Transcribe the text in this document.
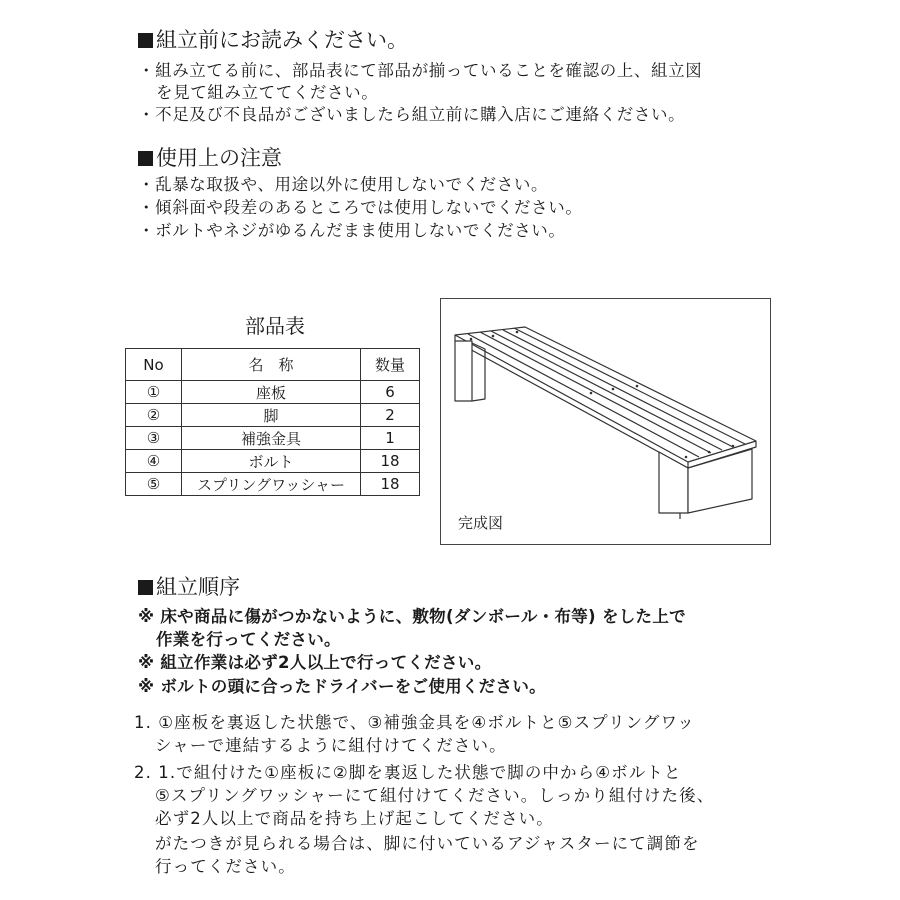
組立前にお読みください。
・組み立てる前に、部品表にて部品が揃っていることを確認の上、組立図
を見て組み立ててください。
・不足及び不良品がございましたら組立前に購入店にご連絡ください。
使用上の注意
・乱暴な取扱や、用途以外に使用しないでください。
・傾斜面や段差のあるところでは使用しないでください。
・ボルトやネジがゆるんだまま使用しないでください。
部品表
No	名　称	数量
①	座板	6
②	脚	2
③	補強金具	1
④	ボルト	18
⑤	スプリングワッシャー	18
完成図
組立順序
※ 床や商品に傷がつかないように、敷物(ダンボール・布等) をした上で
作業を行ってください。
※ 組立作業は必ず2人以上で行ってください。
※ ボルトの頭に合ったドライバーをご使用ください。
1. ①座板を裏返した状態で、③補強金具を④ボルトと⑤スプリングワッ
シャーで連結するように組付けてください。
2. 1.で組付けた①座板に②脚を裏返した状態で脚の中から④ボルトと
⑤スプリングワッシャーにて組付けてください。しっかり組付けた後、
必ず2人以上で商品を持ち上げ起こしてください。
がたつきが見られる場合は、脚に付いているアジャスターにて調節を
行ってください。
